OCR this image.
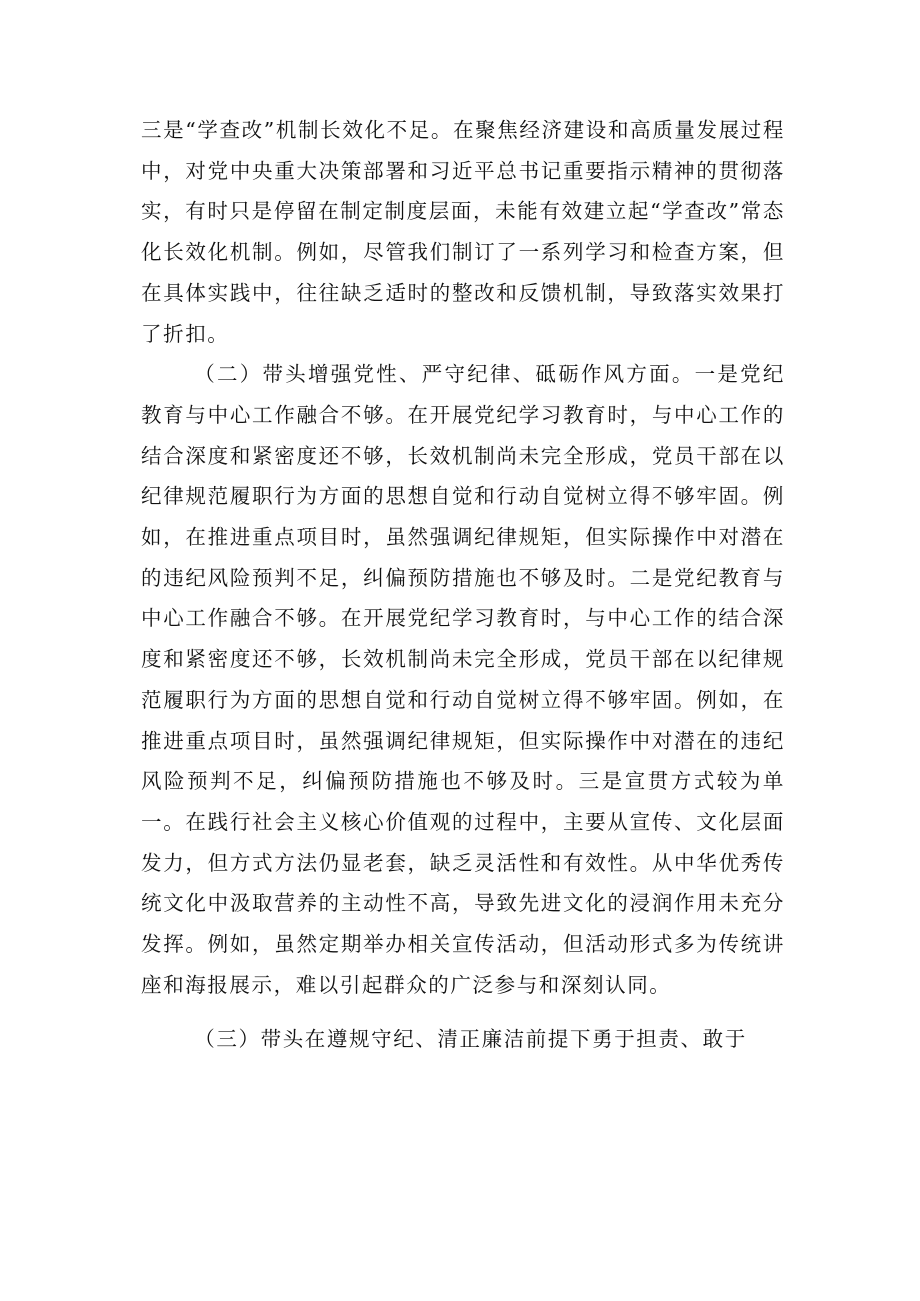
三是“学查改”机制长效化不足。在聚焦经济建设和高质量发展过程中，对党中央重大决策部署和习近平总书记重要指示精神的贯彻落实，有时只是停留在制定制度层面，未能有效建立起“学查改”常态化长效化机制。例如，尽管我们制订了一系列学习和检查方案，但在具体实践中，往往缺乏适时的整改和反馈机制，导致落实效果打了折扣。

（二）带头增强党性、严守纪律、砥砺作风方面。一是党纪教育与中心工作融合不够。在开展党纪学习教育时，与中心工作的结合深度和紧密度还不够，长效机制尚未完全形成，党员干部在以纪律规范履职行为方面的思想自觉和行动自觉树立得不够牢固。例如，在推进重点项目时，虽然强调纪律规矩，但实际操作中对潜在的违纪风险预判不足，纠偏预防措施也不够及时。二是党纪教育与中心工作融合不够。在开展党纪学习教育时，与中心工作的结合深度和紧密度还不够，长效机制尚未完全形成，党员干部在以纪律规范履职行为方面的思想自觉和行动自觉树立得不够牢固。例如，在推进重点项目时，虽然强调纪律规矩，但实际操作中对潜在的违纪风险预判不足，纠偏预防措施也不够及时。三是宣贯方式较为单一。在践行社会主义核心价值观的过程中，主要从宣传、文化层面发力，但方式方法仍显老套，缺乏灵活性和有效性。从中华优秀传统文化中汲取营养的主动性不高，导致先进文化的浸润作用未充分发挥。例如，虽然定期举办相关宣传活动，但活动形式多为传统讲座和海报展示，难以引起群众的广泛参与和深刻认同。

（三）带头在遵规守纪、清正廉洁前提下勇于担责、敢于
